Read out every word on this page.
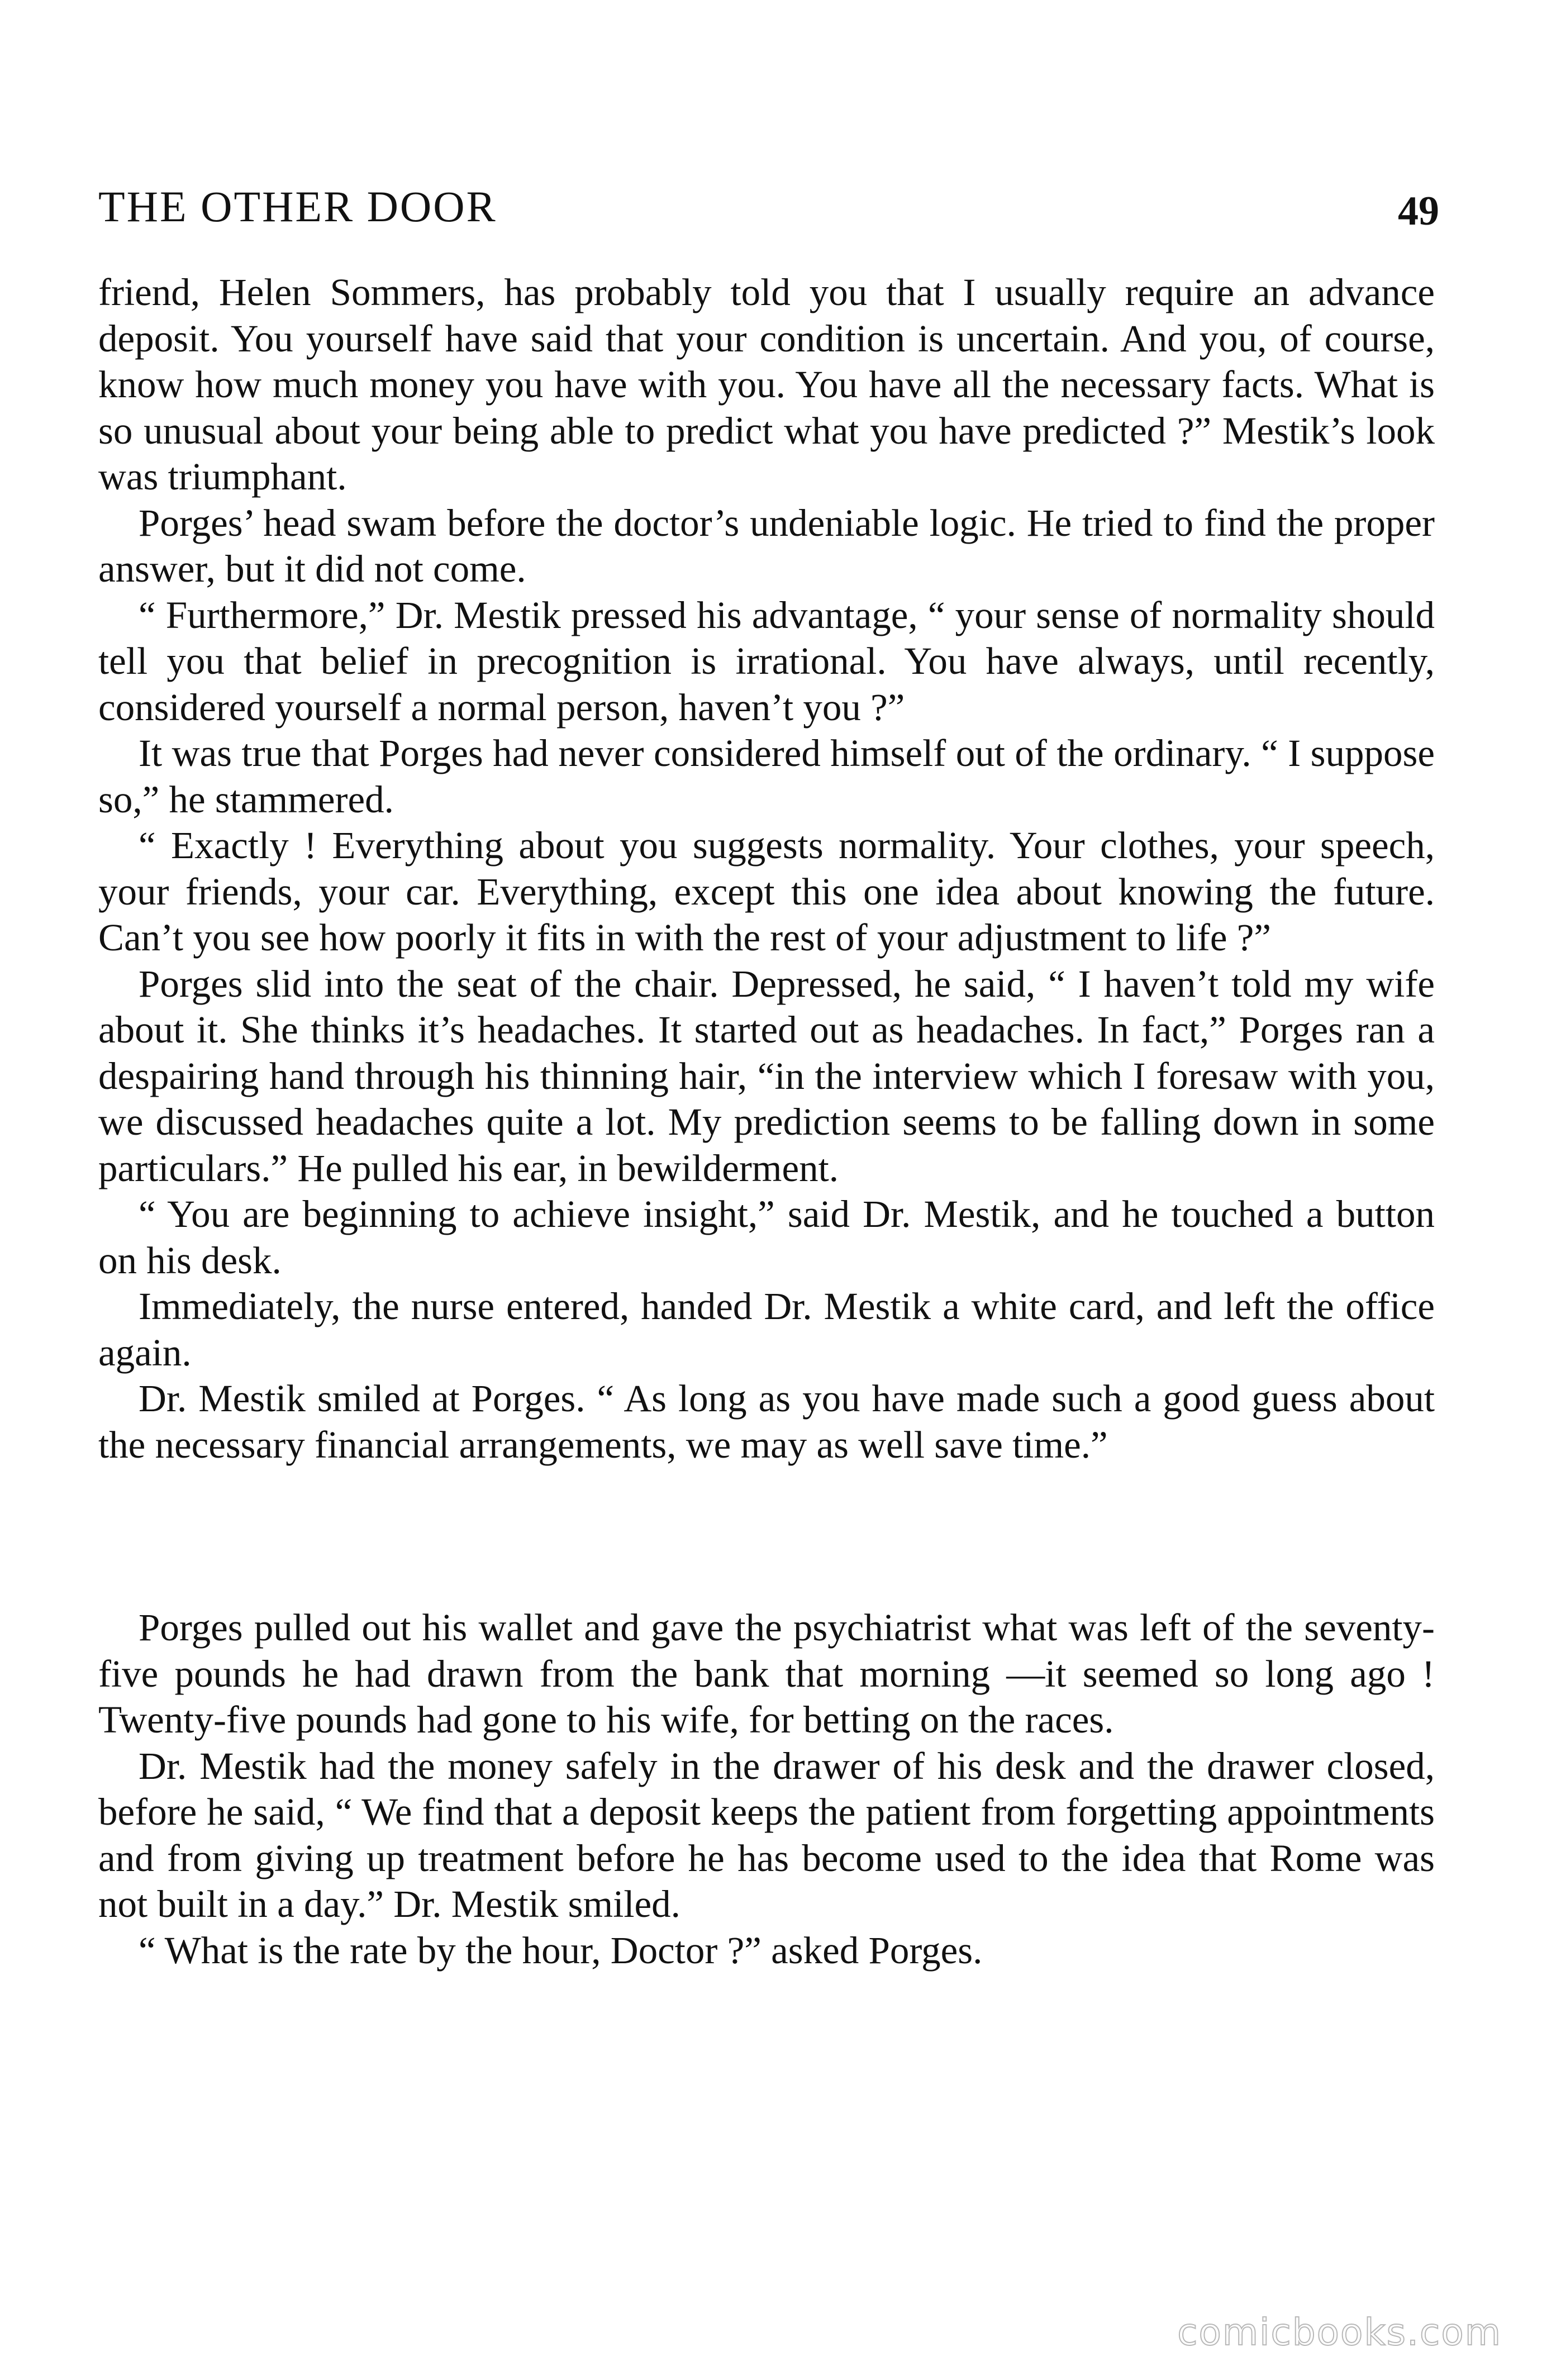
THE OTHER DOOR	49

friend, Helen Sommers, has probably told you that I usually require an advance deposit. You yourself have said that your condition is uncertain. And you, of course, know how much money you have with you. You have all the necessary facts. What is so unusual about your being able to predict what you have predicted ?” Mestik’s look was triumphant.

Porges’ head swam before the doctor’s undeniable logic. He tried to find the proper answer, but it did not come.

“ Furthermore,” Dr. Mestik pressed his advantage, “ your sense of normality should tell you that belief in precognition is irrational. You have always, until recently, considered yourself a normal person, haven’t you ?”

It was true that Porges had never considered himself out of the ordinary. “ I suppose so,” he stammered.

“ Exactly ! Everything about you suggests normality. Your clothes, your speech, your friends, your car. Everything, except this one idea about knowing the future. Can’t you see how poorly it fits in with the rest of your adjustment to life ?”

Porges slid into the seat of the chair. Depressed, he said, “ I haven’t told my wife about it. She thinks it’s headaches. It started out as headaches. In fact,” Porges ran a despairing hand through his thinning hair, “in the interview which I foresaw with you, we discussed headaches quite a lot. My prediction seems to be falling down in some particulars.” He pulled his ear, in bewilderment.

“ You are beginning to achieve insight,” said Dr. Mestik, and he touched a button on his desk.

Immediately, the nurse entered, handed Dr. Mestik a white card, and left the office again.

Dr. Mestik smiled at Porges. “ As long as you have made such a good guess about the necessary financial arrangements, we may as well save time.”

Porges pulled out his wallet and gave the psychiatrist what was left of the seventy-five pounds he had drawn from the bank that morning —it seemed so long ago ! Twenty-five pounds had gone to his wife, for betting on the races.

Dr. Mestik had the money safely in the drawer of his desk and the drawer closed, before he said, “ We find that a deposit keeps the patient from forgetting appointments and from giving up treatment before he has become used to the idea that Rome was not built in a day.” Dr. Mestik smiled.

“ What is the rate by the hour, Doctor ?” asked Porges.

comicbooks.com
